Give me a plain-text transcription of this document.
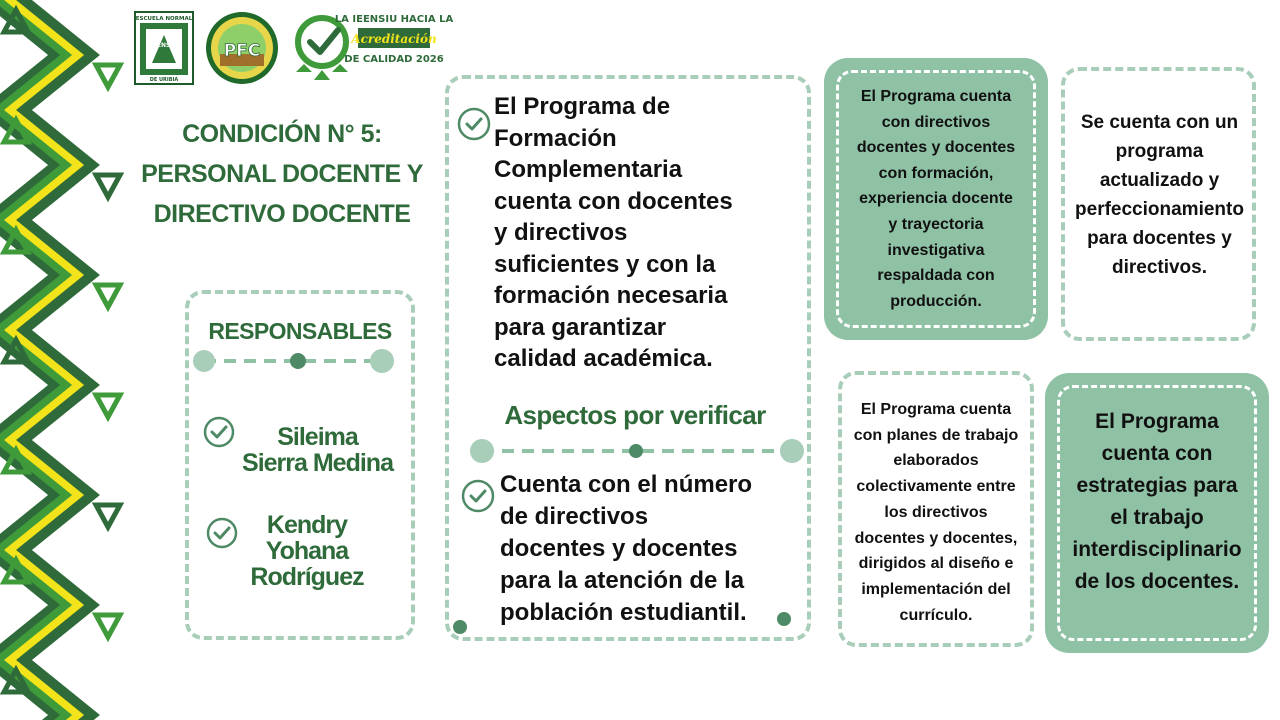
ESCUELA NORMAL
IEENSIU
DE URIBIA
PFC
LA IEENSIU HACIA LA
Acreditación
DE CALIDAD 2026
CONDICIÓN N° 5:
PERSONAL DOCENTE Y
DIRECTIVO DOCENTE
RESPONSABLES
Sileima
Sierra Medina
Kendry
Yohana
Rodríguez
El Programa de
Formación
Complementaria
cuenta con docentes
y directivos
suficientes y con la
formación necesaria
para garantizar
calidad académica.
Aspectos por verificar
Cuenta con el número
de directivos
docentes y docentes
para la atención de la
población estudiantil.
El Programa cuenta
con directivos
docentes y docentes
con formación,
experiencia docente
y trayectoria
investigativa
respaldada con
producción.
Se cuenta con un
programa
actualizado y
perfeccionamiento
para docentes y
directivos.
El Programa cuenta
con planes de trabajo
elaborados
colectivamente entre
los directivos
docentes y docentes,
dirigidos al diseño e
implementación del
currículo.
El Programa
cuenta con
estrategias para
el trabajo
interdisciplinario
de los docentes.
